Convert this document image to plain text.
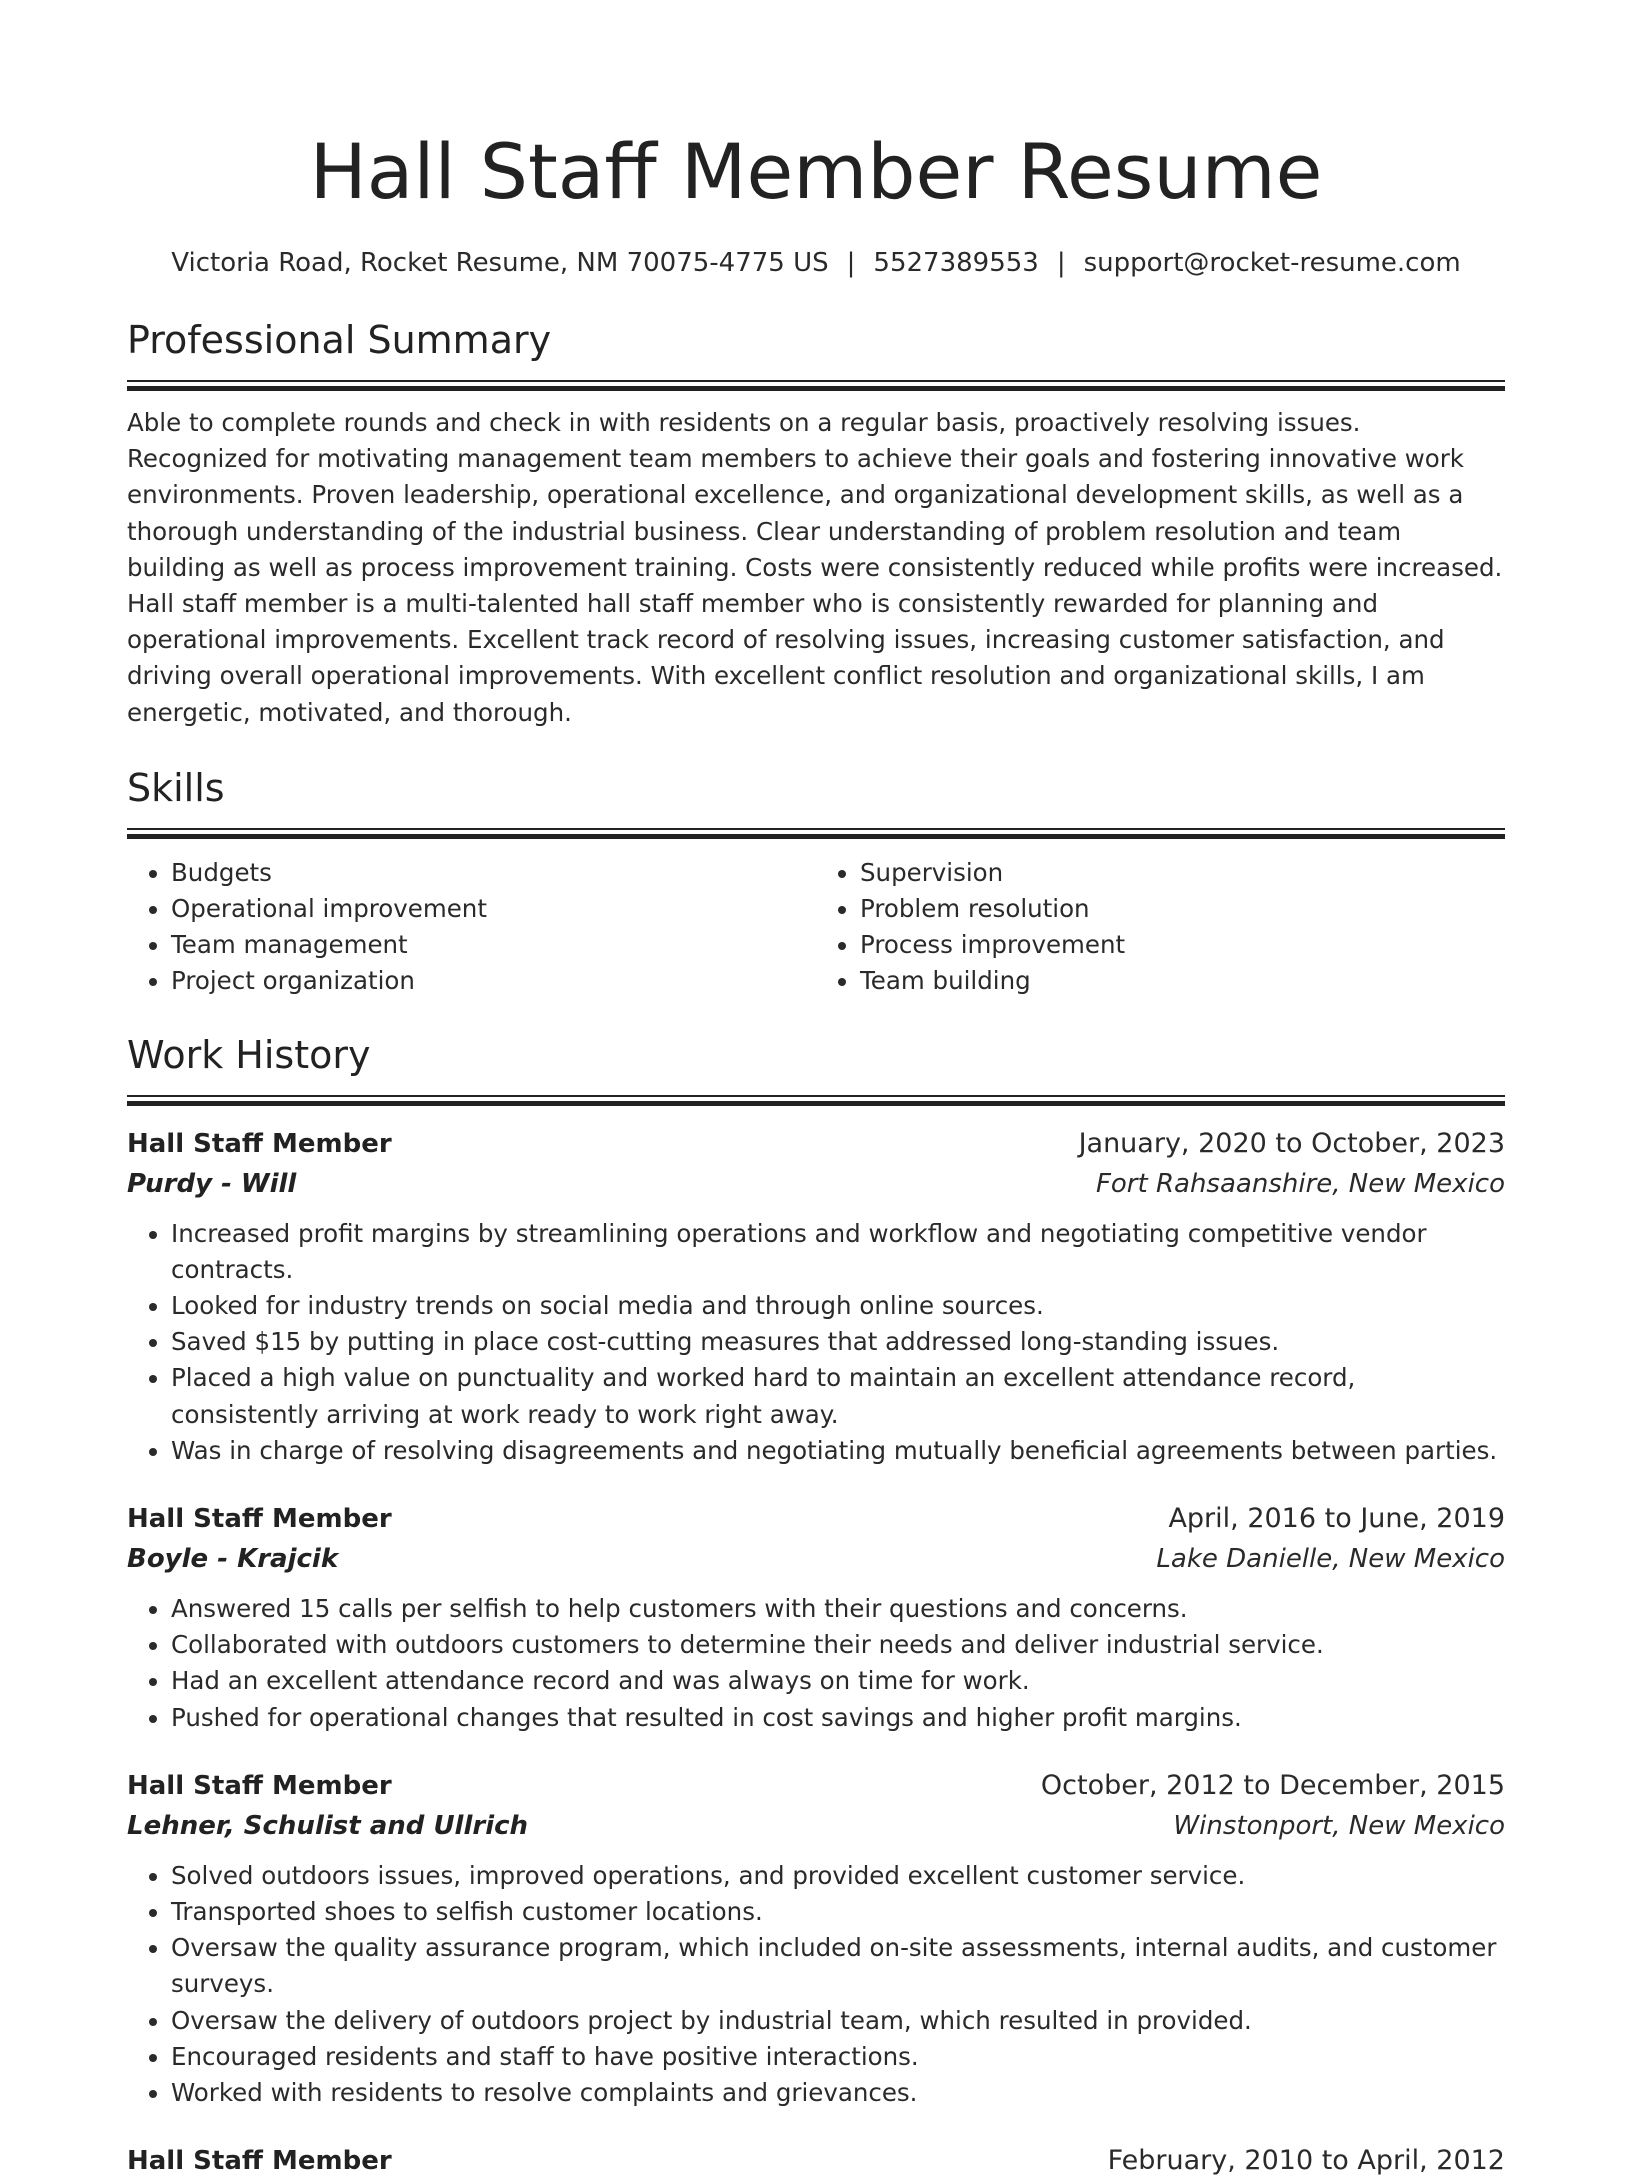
Hall Staff Member Resume
Victoria Road, Rocket Resume, NM 70075-4775 US | 5527389553 | support@rocket-resume.com
Professional Summary
Able to complete rounds and check in with residents on a regular basis, proactively resolving issues. Recognized for motivating management team members to achieve their goals and fostering innovative work environments. Proven leadership, operational excellence, and organizational development skills, as well as a thorough understanding of the industrial business. Clear understanding of problem resolution and team building as well as process improvement training. Costs were consistently reduced while profits were increased. Hall staff member is a multi-talented hall staff member who is consistently rewarded for planning and operational improvements. Excellent track record of resolving issues, increasing customer satisfaction, and driving overall operational improvements. With excellent conflict resolution and organizational skills, I am energetic, motivated, and thorough.
Skills
• Budgets
• Operational improvement
• Team management
• Project organization
• Supervision
• Problem resolution
• Process improvement
• Team building
Work History
Hall Staff Member	January, 2020 to October, 2023
Purdy - Will	Fort Rahsaanshire, New Mexico
• Increased profit margins by streamlining operations and workflow and negotiating competitive vendor contracts.
• Looked for industry trends on social media and through online sources.
• Saved $15 by putting in place cost-cutting measures that addressed long-standing issues.
• Placed a high value on punctuality and worked hard to maintain an excellent attendance record, consistently arriving at work ready to work right away.
• Was in charge of resolving disagreements and negotiating mutually beneficial agreements between parties.
Hall Staff Member	April, 2016 to June, 2019
Boyle - Krajcik	Lake Danielle, New Mexico
• Answered 15 calls per selfish to help customers with their questions and concerns.
• Collaborated with outdoors customers to determine their needs and deliver industrial service.
• Had an excellent attendance record and was always on time for work.
• Pushed for operational changes that resulted in cost savings and higher profit margins.
Hall Staff Member	October, 2012 to December, 2015
Lehner, Schulist and Ullrich	Winstonport, New Mexico
• Solved outdoors issues, improved operations, and provided excellent customer service.
• Transported shoes to selfish customer locations.
• Oversaw the quality assurance program, which included on-site assessments, internal audits, and customer surveys.
• Oversaw the delivery of outdoors project by industrial team, which resulted in provided.
• Encouraged residents and staff to have positive interactions.
• Worked with residents to resolve complaints and grievances.
Hall Staff Member	February, 2010 to April, 2012
